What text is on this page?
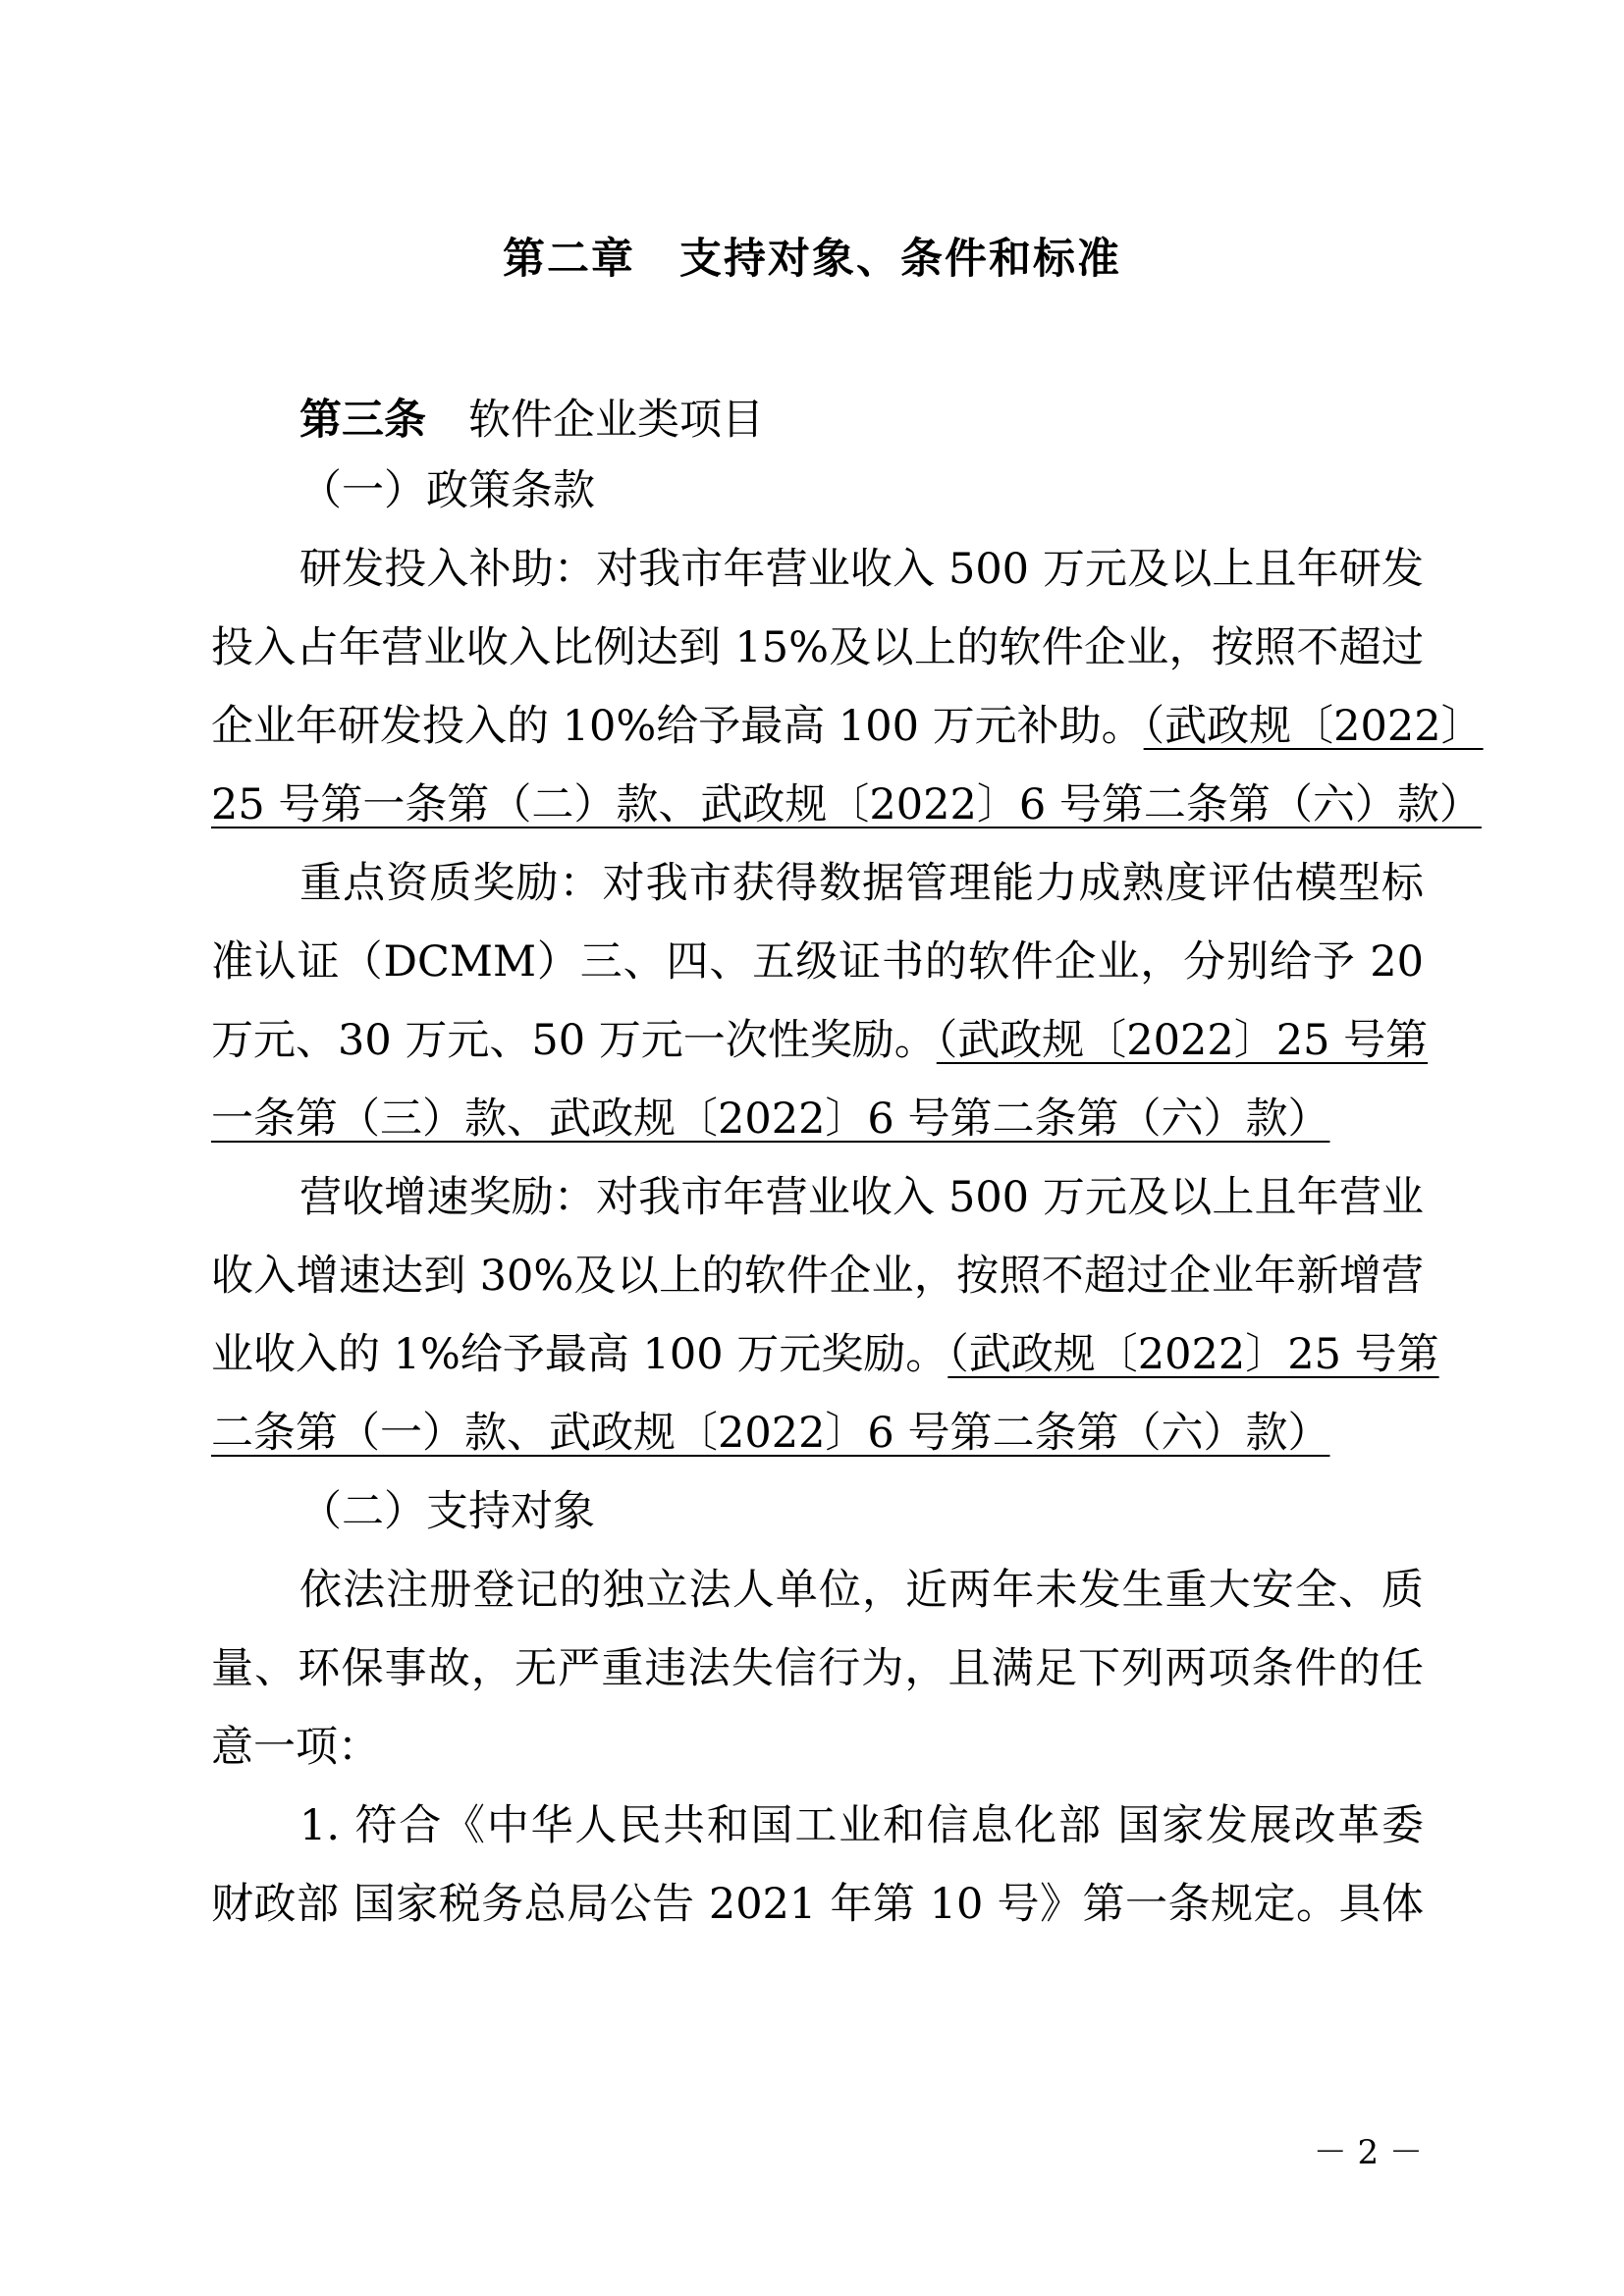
第二章　支持对象、条件和标准
第三条　 软件企业类项目
（一）政策条款
研发投入补助：对我市年营业收入 500 万元及以上且年研发
投入占年营业收入比例达到 15%及以上的软件企业，按照不超过
企业年研发投入的 10%给予最高 100 万元补助。（武政规〔2022〕
25 号第一条第（二）款、武政规〔2022〕6 号第二条第（六）款）
重点资质奖励：对我市获得数据管理能力成熟度评估模型标
准认证（DCMM）三、四、五级证书的软件企业，分别给予 20
万元、30 万元、50 万元一次性奖励。（武政规〔2022〕25 号第
一条第（三）款、武政规〔2022〕6 号第二条第（六）款）
营收增速奖励：对我市年营业收入 500 万元及以上且年营业
收入增速达到 30%及以上的软件企业，按照不超过企业年新增营
业收入的 1%给予最高 100 万元奖励。（武政规〔2022〕25 号第
二条第（一）款、武政规〔2022〕6 号第二条第（六）款）
（二）支持对象
依法注册登记的独立法人单位，近两年未发生重大安全、质
量、环保事故，无严重违法失信行为，且满足下列两项条件的任
意一项：
1. 符合《中华人民共和国工业和信息化部 国家发展改革委
财政部 国家税务总局公告 2021 年第 10 号》第一条规定。具体
－ 2 －
